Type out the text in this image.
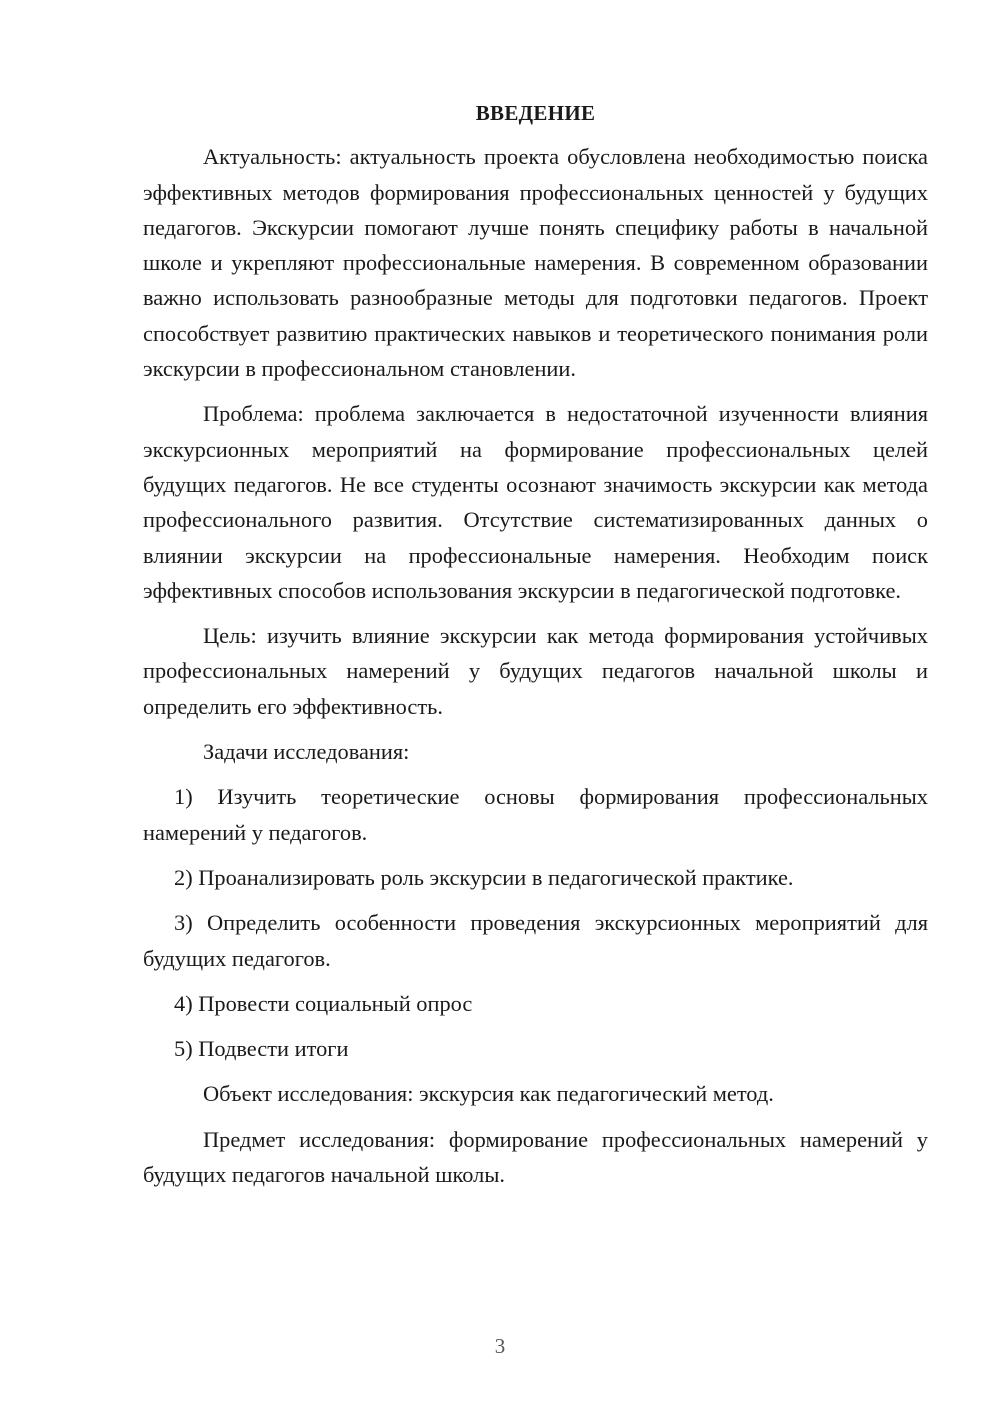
ВВЕДЕНИЕ

Актуальность: актуальность проекта обусловлена необходимостью поиска эффективных методов формирования профессиональных ценностей у будущих педагогов. Экскурсии помогают лучше понять специфику работы в начальной школе и укрепляют профессиональные намерения. В современном образовании важно использовать разнообразные методы для подготовки педагогов. Проект способствует развитию практических навыков и теоретического понимания роли экскурсии в профессиональном становлении.

Проблема: проблема заключается в недостаточной изученности влияния экскурсионных мероприятий на формирование профессиональных целей будущих педагогов. Не все студенты осознают значимость экскурсии как метода профессионального развития. Отсутствие систематизированных данных о влиянии экскурсии на профессиональные намерения. Необходим поиск эффективных способов использования экскурсии в педагогической подготовке.

Цель: изучить влияние экскурсии как метода формирования устойчивых профессиональных намерений у будущих педагогов начальной школы и определить его эффективность.

Задачи исследования:

1) Изучить теоретические основы формирования профессиональных намерений у педагогов.

2) Проанализировать роль экскурсии в педагогической практике.

3) Определить особенности проведения экскурсионных мероприятий для будущих педагогов.

4) Провести социальный опрос

5) Подвести итоги

Объект исследования: экскурсия как педагогический метод.

Предмет исследования: формирование профессиональных намерений у будущих педагогов начальной школы.

3
